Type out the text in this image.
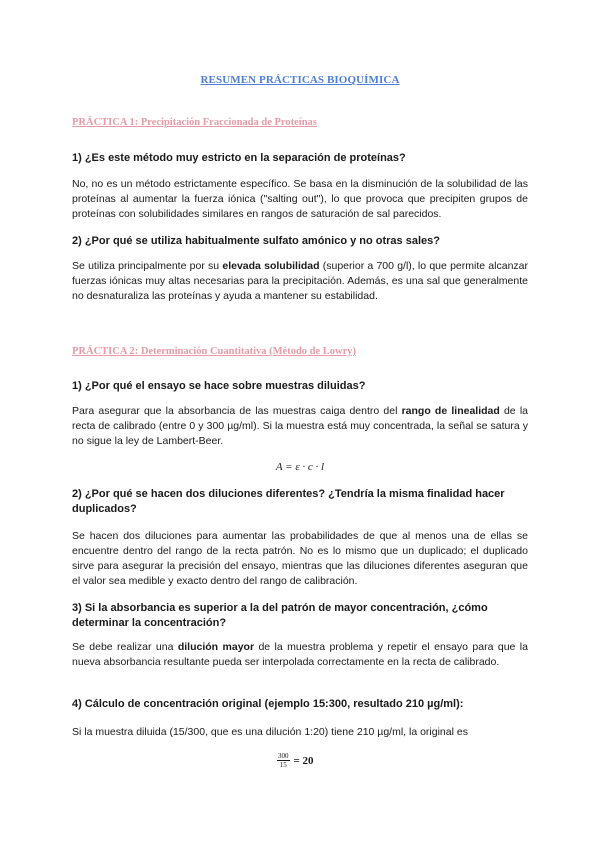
RESUMEN PRÁCTICAS BIOQUÍMICA
PRÁCTICA 1: Precipitación Fraccionada de Proteínas

1) ¿Es este método muy estricto en la separación de proteínas?

No, no es un método estrictamente específico. Se basa en la disminución de la solubilidad de las proteínas al aumentar la fuerza iónica ("salting out"), lo que provoca que precipiten grupos de proteínas con solubilidades similares en rangos de saturación de sal parecidos.

2) ¿Por qué se utiliza habitualmente sulfato amónico y no otras sales?

Se utiliza principalmente por su elevada solubilidad (superior a 700 g/l), lo que permite alcanzar fuerzas iónicas muy altas necesarias para la precipitación. Además, es una sal que generalmente no desnaturaliza las proteínas y ayuda a mantener su estabilidad.

PRÁCTICA 2: Determinación Cuantitativa (Método de Lowry)

1) ¿Por qué el ensayo se hace sobre muestras diluidas?

Para asegurar que la absorbancia de las muestras caiga dentro del rango de linealidad de la recta de calibrado (entre 0 y 300 µg/ml). Si la muestra está muy concentrada, la señal se satura y no sigue la ley de Lambert-Beer.

A = ε · c · l

2) ¿Por qué se hacen dos diluciones diferentes? ¿Tendría la misma finalidad hacer duplicados?

Se hacen dos diluciones para aumentar las probabilidades de que al menos una de ellas se encuentre dentro del rango de la recta patrón. No es lo mismo que un duplicado; el duplicado sirve para asegurar la precisión del ensayo, mientras que las diluciones diferentes aseguran que el valor sea medible y exacto dentro del rango de calibración.

3) Si la absorbancia es superior a la del patrón de mayor concentración, ¿cómo determinar la concentración?

Se debe realizar una dilución mayor de la muestra problema y repetir el ensayo para que la nueva absorbancia resultante pueda ser interpolada correctamente en la recta de calibrado.

4) Cálculo de concentración original (ejemplo 15:300, resultado 210 µg/ml):

Si la muestra diluida (15/300, que es una dilución 1:20) tiene 210 µg/ml, la original es

$\frac{300}{15} = 20$
